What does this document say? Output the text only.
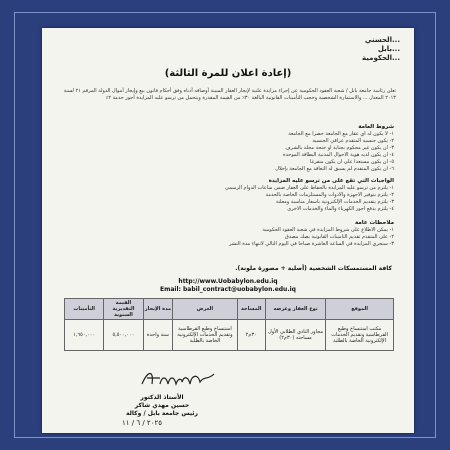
...الحسني
...بابل
...الحكومية
(إعادة اعلان للمرة الثالثة)
تعلن رئاسة جامعة بابل / شعبة العقود الحكومية عن إجراء مزايدة علنية لإيجار العقار المبينة أوصافه أدناه وفق أحكام قانون بيع وإيجار أموال الدولة المرقم ٢١ لسنة ٢٠١٣ المعدل ... والاستمارة الشخصية وحجب التأمينات القانونية البالغة ٣٠٪ من القيمة المقدرة ويتحمل من ترسو عليه المزايدة أجور خدمة ٢٪
شروط العامة
١- لا يكون له أي عقار مع الجامعة حصراً مع الجامعة
٢- يكون جنسية المتقدم عراقي الجنسية
٣- أن يكون غير محكوم بجناية أو جنحة مخلة بالشرف
٤- أن يكون لديه هوية الأحوال المدنية البطاقة الموحدة
٥- أن يكون مستعداً على أن يكون متفرغاً
٦- أن يكون المتقدم لم يسبق له التعاقد مع الجامعة بإخلال
الواجبات التي تقع على من ترسو عليه المزايدة
١- يلتزم من ترسو عليه المزايدة بالحفاظ على العقار ضمن ساعات الدوام الرسمي
٢- يلتزم بتوفير الأجهزة والأدوات والمستلزمات الخاصة بالخدمة
٣- يلتزم بتقديم الخدمات الإلكترونية بأسعار مناسبة ومعلنة
٤- يلتزم بدفع أجور الكهرباء والماء والخدمات الأخرى
ملاحظات عامة
١- يمكن الاطلاع على شروط المزايدة في شعبة العقود الحكومية
٢- على المتقدم تقديم التأمينات القانونية بصك مصدق
٣- ستجري المزايدة في الساعة العاشرة صباحاً في اليوم التالي لانتهاء مدة النشر
كافة المستمسكات الشخصية (أصلية + مصورة ملونة).
http://www.Uobabylon.edu.iq
Email: babil_contract@uobabylon.edu.iq
الموقع	نوع العقار وغرضه	المساحة	الغرض	مدة الإيجار	القيمة التقديرية السنوية	التأمينات
مكتب استنساخ وطبع القرطاسية وتقديم الخدمات الإلكترونية الخاصة بالطلبة	مجاور النادي الطلابي الأول مساحته (٣٠م٢)	٣٠م٢	استنساخ وطبع القرطاسية وتقديم الخدمات الإلكترونية الخاصة بالطلبة	سنة واحدة	٥,٥٠٠,٠٠٠	١,٦٥٠,٠٠٠
الأستاذ الدكتور
حسين مهدي شاكر
رئيس جامعة بابل / وكالة
٢٠٢٥ / ٦ / ١١
